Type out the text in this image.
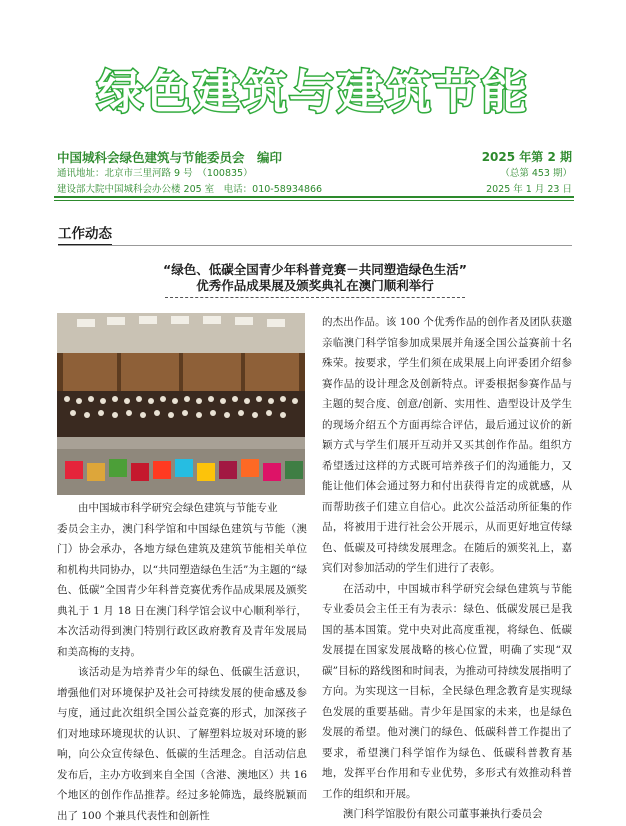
绿色建筑与建筑节能
中国城科会绿色建筑与节能委员会　编印
通讯地址：北京市三里河路 9 号　（100835）
建设部大院中国城科会办公楼 205 室　电话：010-58934866
2025 年第 2 期
（总第 453 期）
2025 年 1 月 23 日
工作动态
“绿色、低碳全国青少年科普竞赛－共同塑造绿色生活”
优秀作品成果展及颁奖典礼在澳门顺利举行

由中国城市科学研究会绿色建筑与节能专业

委员会主办，澳门科学馆和中国绿色建筑与节能（澳门）协会承办，各地方绿色建筑及建筑节能相关单位和机构共同协办，以“共同塑造绿色生活”为主题的“绿色、低碳”全国青少年科普竞赛优秀作品成果展及颁奖典礼于 1 月 18 日在澳门科学馆会议中心顺利举行，本次活动得到澳门特别行政区政府教育及青年发展局和美高梅的支持。

该活动是为培养青少年的绿色、低碳生活意识，增强他们对环境保护及社会可持续发展的使命感及参与度，通过此次组织全国公益竞赛的形式，加深孩子们对地球环境现状的认识、了解塑料垃圾对环境的影响，向公众宣传绿色、低碳的生活理念。自活动信息发布后，主办方收到来自全国（含港、澳地区）共 16 个地区的创作作品推荐。经过多轮筛选，最终脱颖而出了 100 个兼具代表性和创新性

的杰出作品。该 100 个优秀作品的创作者及团队获邀亲临澳门科学馆参加成果展并角逐全国公益赛前十名殊荣。按要求，学生们须在成果展上向评委团介绍参赛作品的设计理念及创新特点。评委根据参赛作品与主题的契合度、创意/创新、实用性、造型设计及学生的现场介绍五个方面再综合评估，最后通过议价的新颖方式与学生们展开互动并又买其创作作品。组织方希望透过这样的方式既可培养孩子们的沟通能力，又能让他们体会通过努力和付出获得肯定的成就感，从而帮助孩子们建立自信心。此次公益活动所征集的作品，将被用于进行社会公开展示，从而更好地宣传绿色、低碳及可持续发展理念。在随后的颁奖礼上，嘉宾们对参加活动的学生们进行了表彰。

在活动中，中国城市科学研究会绿色建筑与节能专业委员会主任王有为表示：绿色、低碳发展已是我国的基本国策。党中央对此高度重视，将绿色、低碳发展提在国家发展战略的核心位置，明确了实现“双碳”目标的路线图和时间表，为推动可持续发展指明了方向。为实现这一目标，全民绿色理念教育是实现绿色发展的重要基础。青少年是国家的未来，也是绿色发展的希望。他对澳门的绿色、低碳科普工作提出了要求，希望澳门科学馆作为绿色、低碳科普教育基地，发挥平台作用和专业优势，多形式有效推动科普工作的组织和开展。

澳门科学馆股份有限公司董事兼执行委员会
